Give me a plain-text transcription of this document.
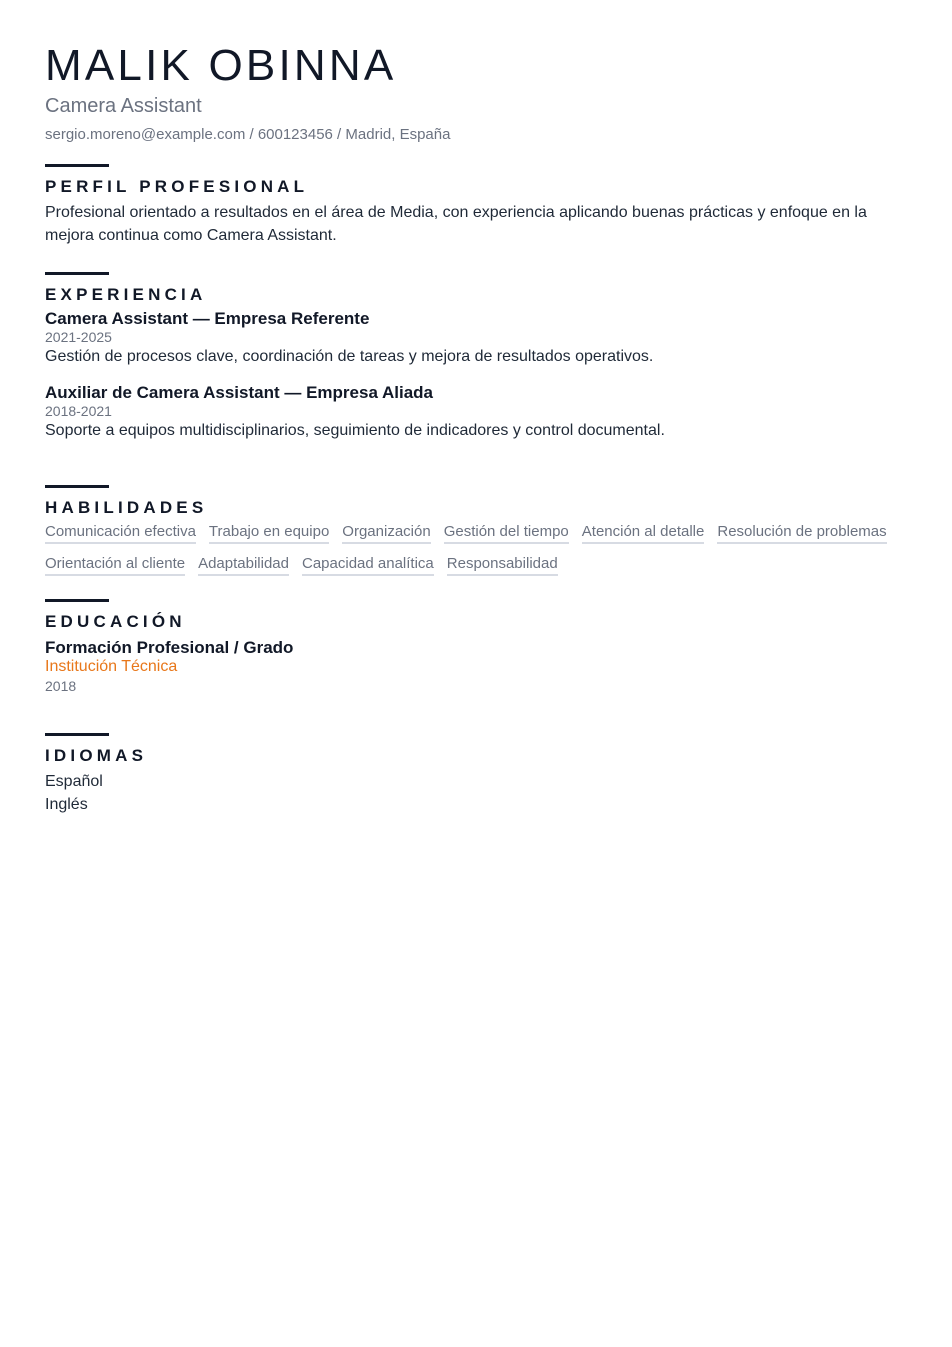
MALIK OBINNA
Camera Assistant
sergio.moreno@example.com / 600123456 / Madrid, España
PERFIL PROFESIONAL

Profesional orientado a resultados en el área de Media, con experiencia aplicando buenas prácticas y enfoque en la mejora continua como Camera Assistant.

EXPERIENCIA
Camera Assistant — Empresa Referente
2021-2025
Gestión de procesos clave, coordinación de tareas y mejora de resultados operativos.
Auxiliar de Camera Assistant — Empresa Aliada
2018-2021
Soporte a equipos multidisciplinarios, seguimiento de indicadores y control documental.
HABILIDADES
Comunicación efectiva Trabajo en equipo Organización Gestión del tiempo Atención al detalle Resolución de problemas
Orientación al cliente Adaptabilidad Capacidad analítica Responsabilidad
EDUCACIÓN
Formación Profesional / Grado
Institución Técnica
2018
IDIOMAS
Español
Inglés
